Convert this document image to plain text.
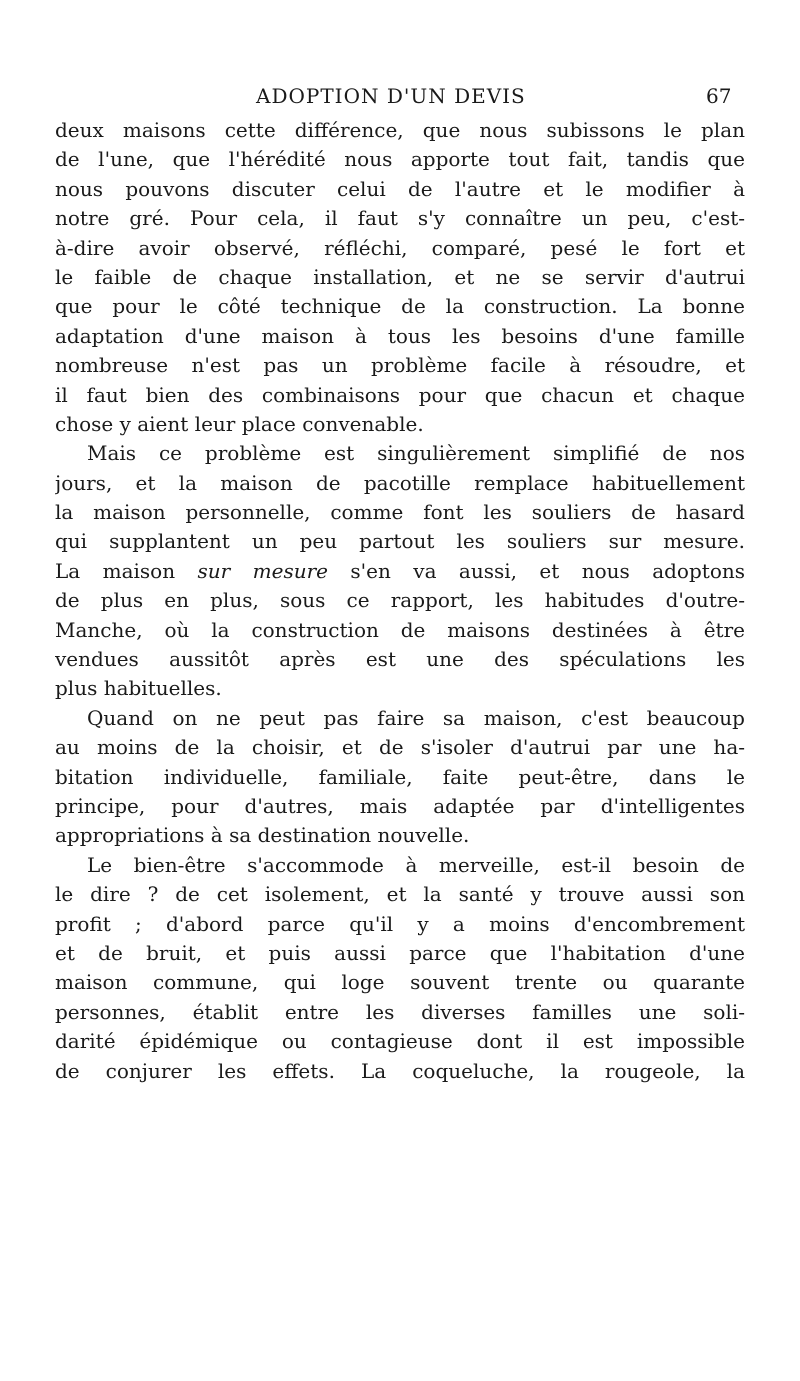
ADOPTION D'UN DEVIS	67
deux maisons cette différence, que nous subissons le plan
de l'une, que l'hérédité nous apporte tout fait, tandis que
nous pouvons discuter celui de l'autre et le modifier à
notre gré. Pour cela, il faut s'y connaître un peu, c'est-
à-dire avoir observé, réfléchi, comparé, pesé le fort et
le faible de chaque installation, et ne se servir d'autrui
que pour le côté technique de la construction. La bonne
adaptation d'une maison à tous les besoins d'une famille
nombreuse n'est pas un problème facile à résoudre, et
il faut bien des combinaisons pour que chacun et chaque
chose y aient leur place convenable.
Mais ce problème est singulièrement simplifié de nos
jours, et la maison de pacotille remplace habituellement
la maison personnelle, comme font les souliers de hasard
qui supplantent un peu partout les souliers sur mesure.
La maison sur mesure s'en va aussi, et nous adoptons
de plus en plus, sous ce rapport, les habitudes d'outre-
Manche, où la construction de maisons destinées à être
vendues aussitôt après est une des spéculations les
plus habituelles.
Quand on ne peut pas faire sa maison, c'est beaucoup
au moins de la choisir, et de s'isoler d'autrui par une ha-
bitation individuelle, familiale, faite peut-être, dans le
principe, pour d'autres, mais adaptée par d'intelligentes
appropriations à sa destination nouvelle.
Le bien-être s'accommode à merveille, est-il besoin de
le dire ? de cet isolement, et la santé y trouve aussi son
profit ; d'abord parce qu'il y a moins d'encombrement
et de bruit, et puis aussi parce que l'habitation d'une
maison commune, qui loge souvent trente ou quarante
personnes, établit entre les diverses familles une soli-
darité épidémique ou contagieuse dont il est impossible
de conjurer les effets. La coqueluche, la rougeole, la
